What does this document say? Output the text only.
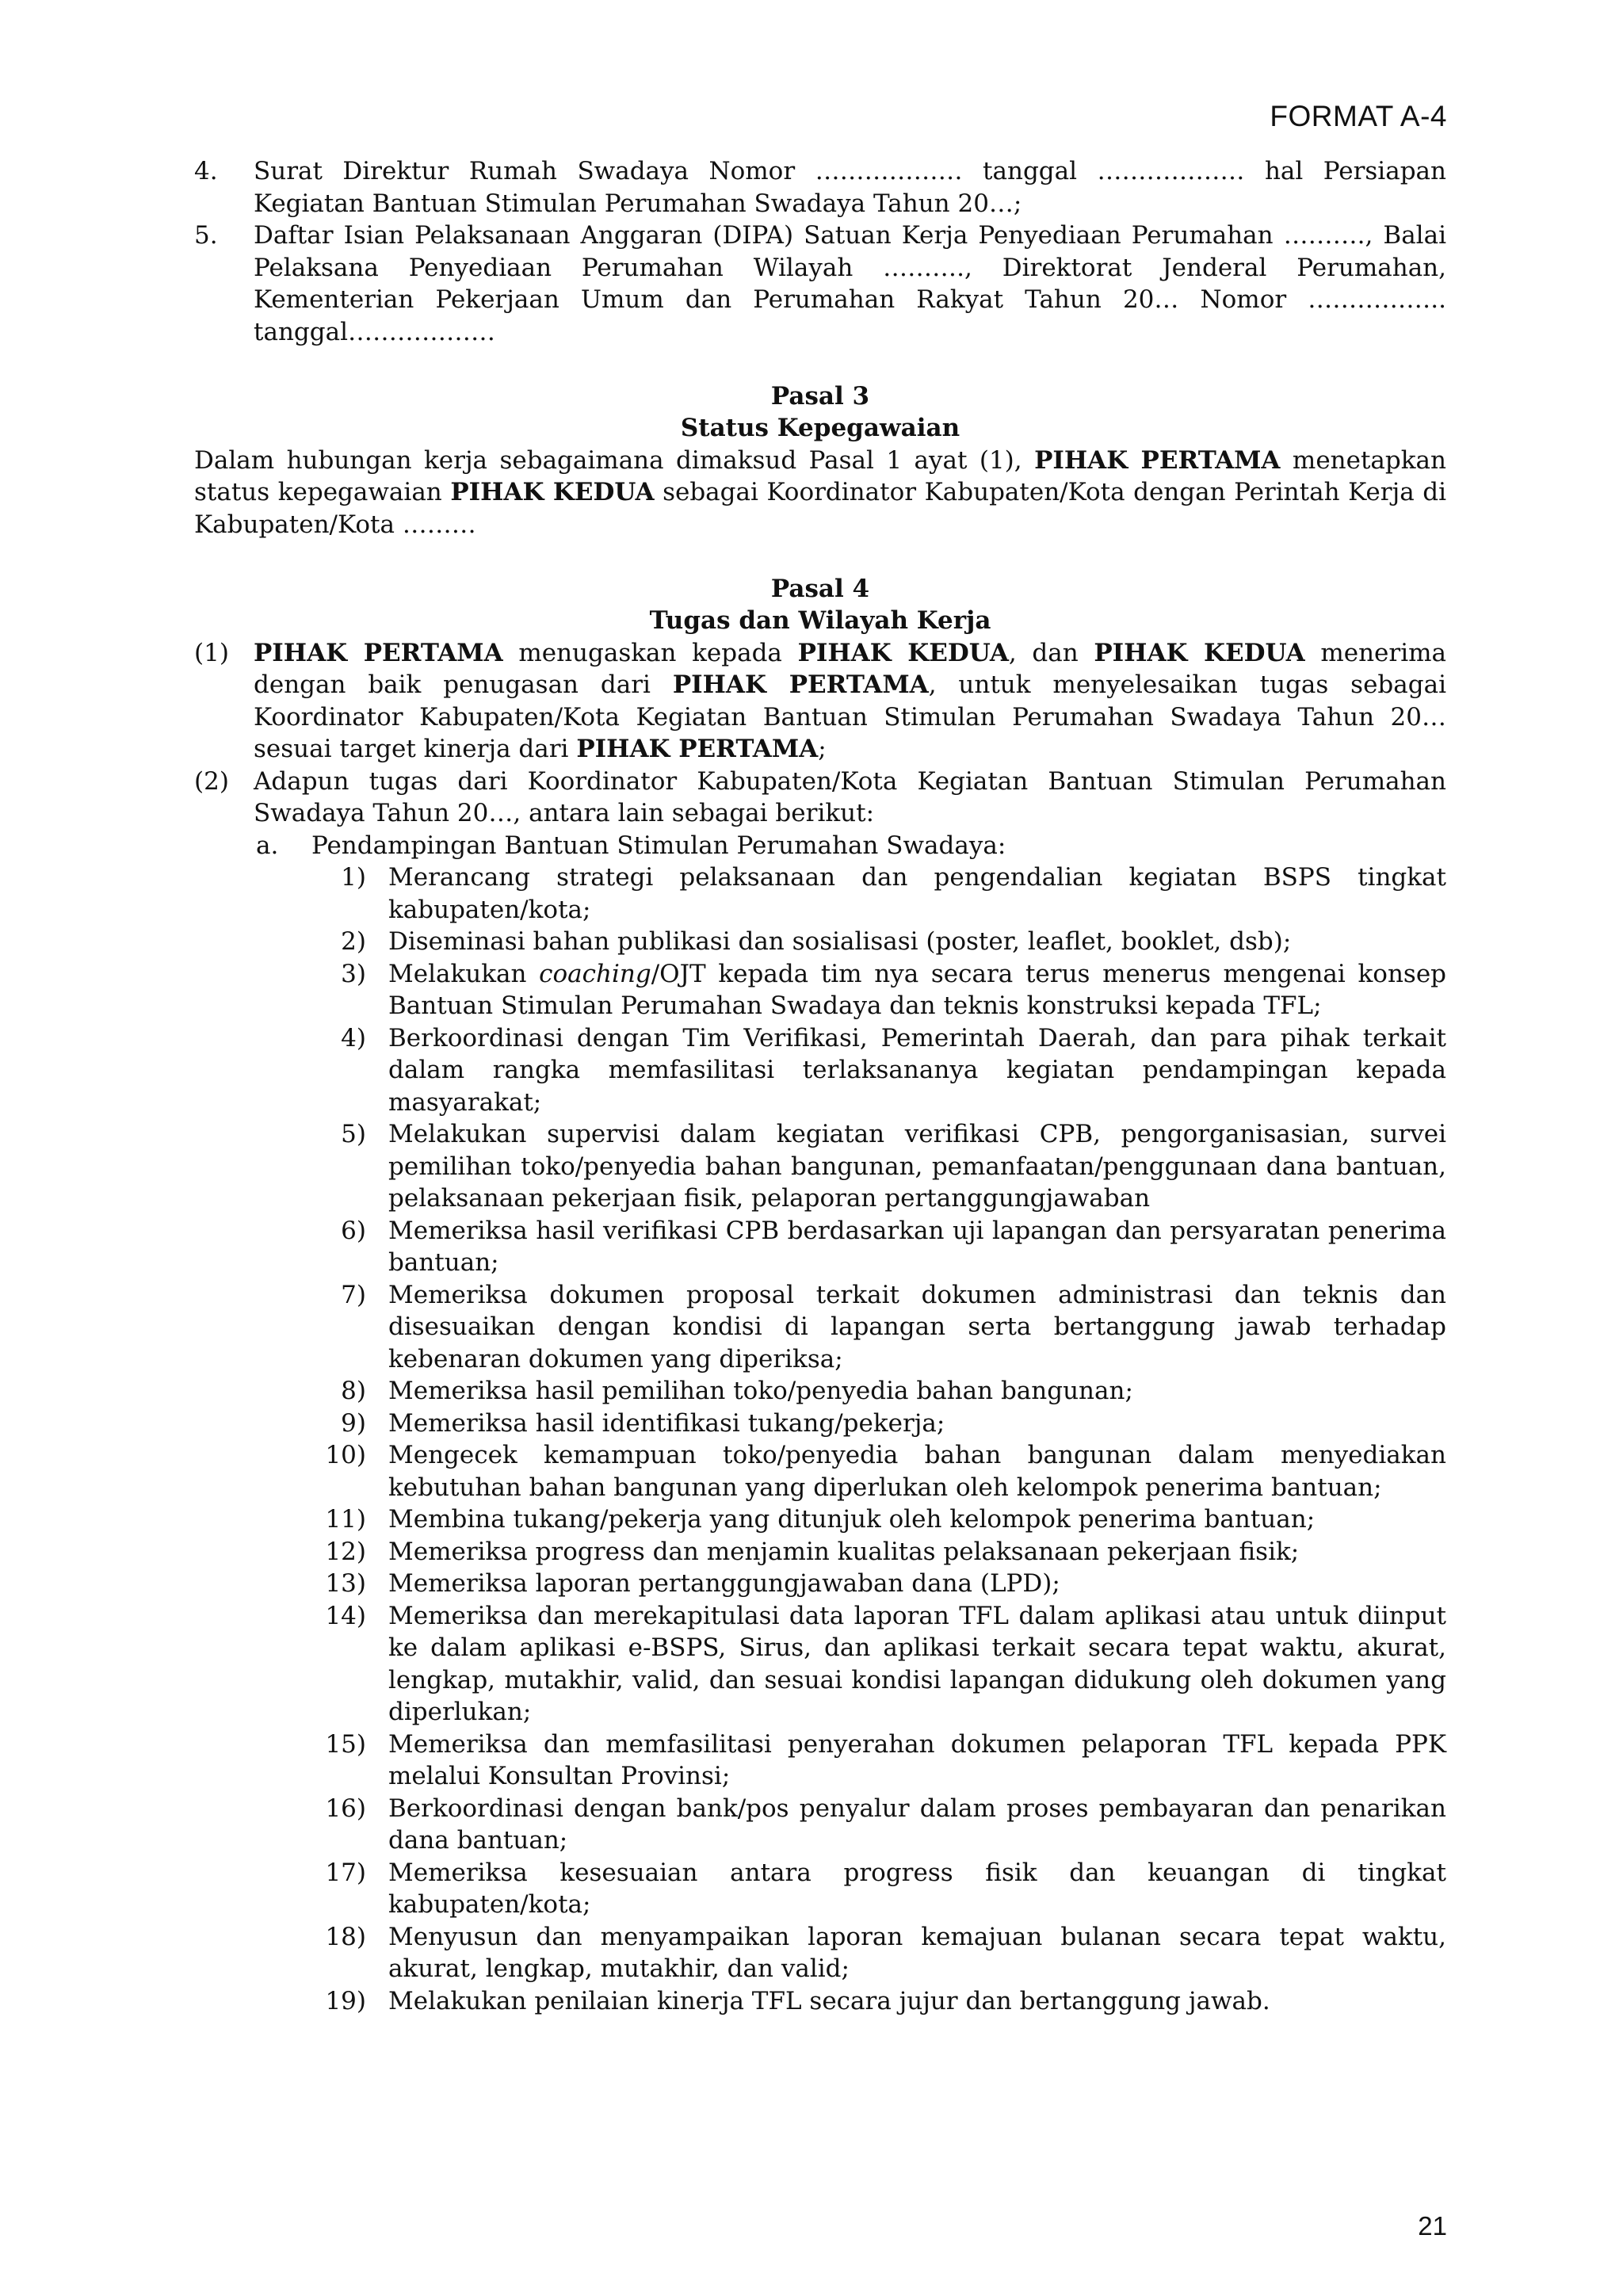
FORMAT A-4
4. Surat Direktur Rumah Swadaya Nomor ……………… tanggal ……………… hal Persiapan Kegiatan Bantuan Stimulan Perumahan Swadaya Tahun 20…;
5. Daftar Isian Pelaksanaan Anggaran (DIPA) Satuan Kerja Penyediaan Perumahan ………., Balai Pelaksana Penyediaan Perumahan Wilayah ………., Direktorat Jenderal Perumahan, Kementerian Pekerjaan Umum dan Perumahan Rakyat Tahun 20… Nomor …………….. tanggal………………
Pasal 3
Status Kepegawaian
Dalam hubungan kerja sebagaimana dimaksud Pasal 1 ayat (1), PIHAK PERTAMA menetapkan status kepegawaian PIHAK KEDUA sebagai Koordinator Kabupaten/Kota dengan Perintah Kerja di Kabupaten/Kota ………
Pasal 4
Tugas dan Wilayah Kerja
(1) PIHAK PERTAMA menugaskan kepada PIHAK KEDUA, dan PIHAK KEDUA menerima dengan baik penugasan dari PIHAK PERTAMA, untuk menyelesaikan tugas sebagai Koordinator Kabupaten/Kota Kegiatan Bantuan Stimulan Perumahan Swadaya Tahun 20… sesuai target kinerja dari PIHAK PERTAMA;
(2) Adapun tugas dari Koordinator Kabupaten/Kota Kegiatan Bantuan Stimulan Perumahan Swadaya Tahun 20…, antara lain sebagai berikut:
a. Pendampingan Bantuan Stimulan Perumahan Swadaya:
1) Merancang strategi pelaksanaan dan pengendalian kegiatan BSPS tingkat kabupaten/kota;
2) Diseminasi bahan publikasi dan sosialisasi (poster, leaflet, booklet, dsb);
3) Melakukan coaching/OJT kepada tim nya secara terus menerus mengenai konsep Bantuan Stimulan Perumahan Swadaya dan teknis konstruksi kepada TFL;
4) Berkoordinasi dengan Tim Verifikasi, Pemerintah Daerah, dan para pihak terkait dalam rangka memfasilitasi terlaksananya kegiatan pendampingan kepada masyarakat;
5) Melakukan supervisi dalam kegiatan verifikasi CPB, pengorganisasian, survei pemilihan toko/penyedia bahan bangunan, pemanfaatan/penggunaan dana bantuan, pelaksanaan pekerjaan fisik, pelaporan pertanggungjawaban
6) Memeriksa hasil verifikasi CPB berdasarkan uji lapangan dan persyaratan penerima bantuan;
7) Memeriksa dokumen proposal terkait dokumen administrasi dan teknis dan disesuaikan dengan kondisi di lapangan serta bertanggung jawab terhadap kebenaran dokumen yang diperiksa;
8) Memeriksa hasil pemilihan toko/penyedia bahan bangunan;
9) Memeriksa hasil identifikasi tukang/pekerja;
10) Mengecek kemampuan toko/penyedia bahan bangunan dalam menyediakan kebutuhan bahan bangunan yang diperlukan oleh kelompok penerima bantuan;
11) Membina tukang/pekerja yang ditunjuk oleh kelompok penerima bantuan;
12) Memeriksa progress dan menjamin kualitas pelaksanaan pekerjaan fisik;
13) Memeriksa laporan pertanggungjawaban dana (LPD);
14) Memeriksa dan merekapitulasi data laporan TFL dalam aplikasi atau untuk diinput ke dalam aplikasi e-BSPS, Sirus, dan aplikasi terkait secara tepat waktu, akurat, lengkap, mutakhir, valid, dan sesuai kondisi lapangan didukung oleh dokumen yang diperlukan;
15) Memeriksa dan memfasilitasi penyerahan dokumen pelaporan TFL kepada PPK melalui Konsultan Provinsi;
16) Berkoordinasi dengan bank/pos penyalur dalam proses pembayaran dan penarikan dana bantuan;
17) Memeriksa kesesuaian antara progress fisik dan keuangan di tingkat kabupaten/kota;
18) Menyusun dan menyampaikan laporan kemajuan bulanan secara tepat waktu, akurat, lengkap, mutakhir, dan valid;
19) Melakukan penilaian kinerja TFL secara jujur dan bertanggung jawab.
21
